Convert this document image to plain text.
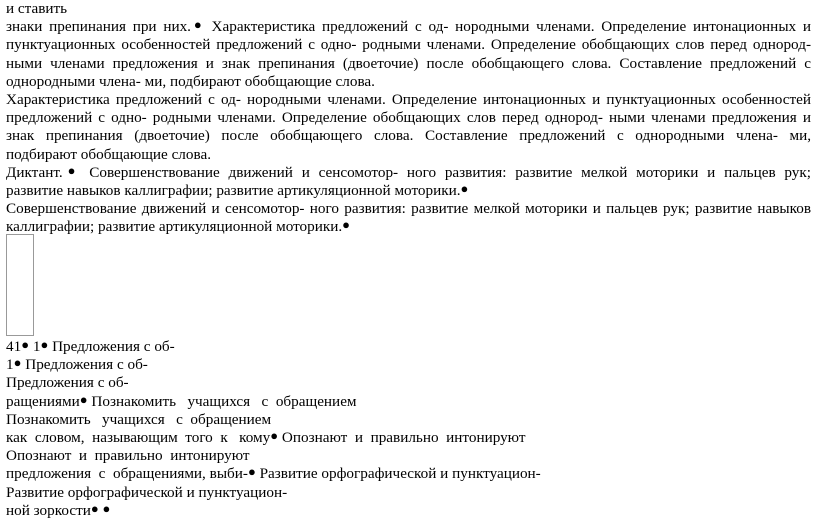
и ставить
знаки препинания при них.● Характеристика предложений с од- нородными членами. Определение интонационных и
пунктуационных особенностей предложений с одно- родными членами. Определение обобщающих слов перед однород-
ными членами предложения и знак препинания (двоеточие) после обобщающего слова. Составление предложений с
однородными члена- ми, подбирают обобщающие слова.
Характеристика предложений с од- нородными членами. Определение интонационных и пунктуационных особенностей
предложений с одно- родными членами. Определение обобщающих слов перед однород- ными членами предложения и
знак препинания (двоеточие) после обобщающего слова. Составление предложений с однородными члена- ми,
подбирают обобщающие слова.
Диктант.● Совершенствование движений и сенсомотор- ного развития: развитие мелкой моторики и пальцев рук;
развитие навыков каллиграфии; развитие артикуляционной моторики.●
Совершенствование движений и сенсомотор- ного развития: развитие мелкой моторики и пальцев рук; развитие навыков
каллиграфии; развитие артикуляционной моторики.●
41● 1● Предложения с об-
1● Предложения с об-
Предложения с об-
ращениями● Познакомить   учащихся   с  обращением
Познакомить   учащихся   с  обращением
как  словом,  называющим  того  к   кому● Опознают  и  правильно  интонируют
Опознают  и  правильно  интонируют
предложения  с  обращениями, выби-● Развитие орфографической и пунктуацион-
Развитие орфографической и пунктуацион-
ной зоркости● ●
